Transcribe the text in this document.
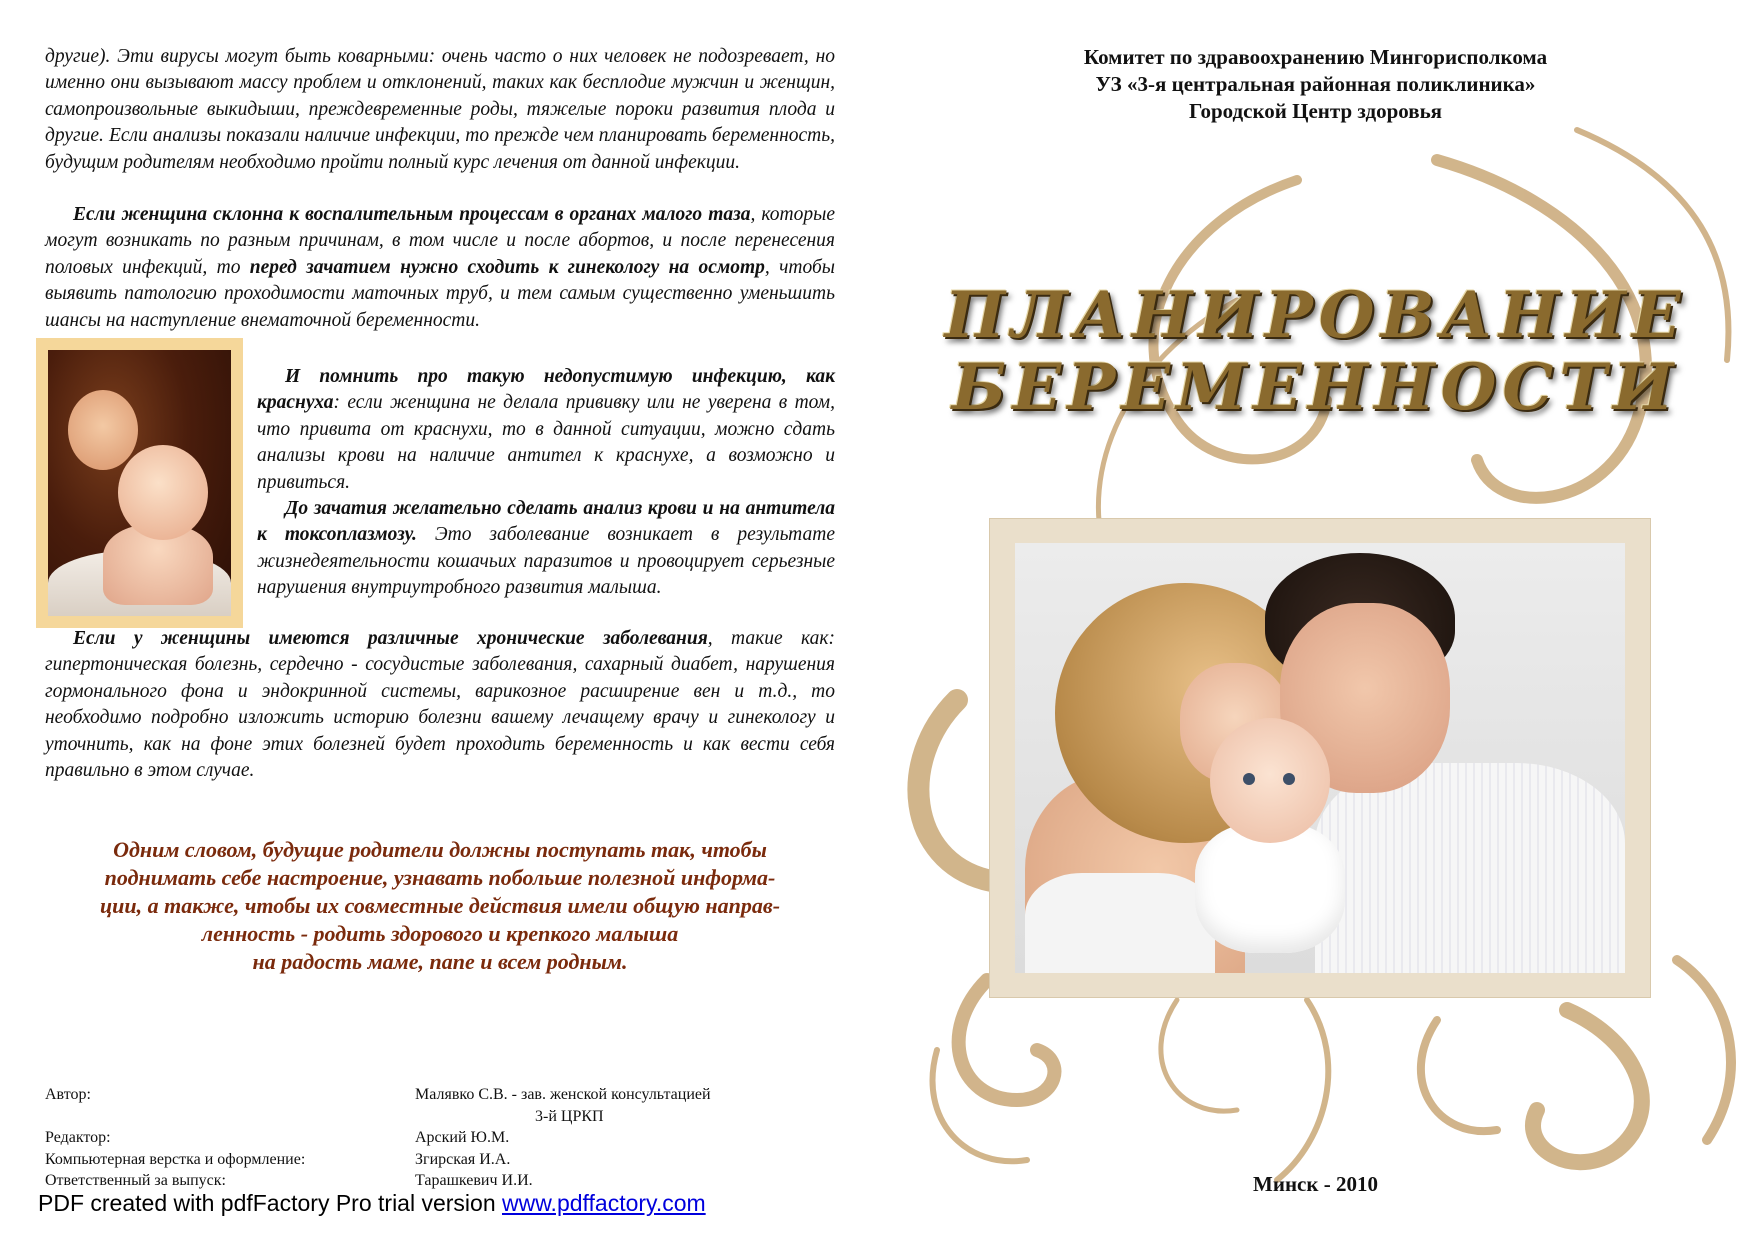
другие). Эти вирусы могут быть коварными: очень часто о них человек не подозревает, но именно они вызывают массу проблем и отклонений, таких как бесплодие мужчин и женщин, самопроизвольные выкидыши, преждевременные роды, тяжелые пороки развития плода и другие. Если анализы показали наличие инфекции, то прежде чем планировать беременность, будущим родителям необходимо пройти полный курс лечения от данной инфекции.

Если женщина склонна к воспалительным процессам в органах малого таза, которые могут возникать по разным причинам, в том числе и после абортов, и после перенесения половых инфекций, то перед зачатием нужно сходить к гинекологу на осмотр, чтобы выявить патологию проходимости маточных труб, и тем самым существенно уменьшить шансы на наступление внематочной беременности.

И помнить про такую недопустимую инфекцию, как краснуха: если женщина не делала прививку или не уверена в том, что привита от краснухи, то в данной ситуации, можно сдать анализы крови на наличие антител к краснухе, а возможно и привиться.

До зачатия желательно сделать анализ крови и на антитела к токсоплазмозу. Это заболевание возникает в результате жизнедеятельности кошачьих паразитов и провоцирует серьезные нарушения внутриутробного развития малыша.

Если у женщины имеются различные хронические заболевания, такие как: гипертоническая болезнь, сердечно - сосудистые заболевания, сахарный диабет, нарушения гормонального фона и эндокринной системы, варикозное расширение вен и т.д., то необходимо подробно изложить историю болезни вашему лечащему врачу и гинекологу и уточнить, как на фоне этих болезней будет проходить беременность и как вести себя правильно в этом случае.

Одним словом, будущие родители должны поступать так, чтобы
поднимать себе настроение, узнавать побольше полезной информа-
ции, а также, чтобы их совместные действия имели общую направ-
ленность - родить здорового и крепкого малыша
на радость маме, папе и всем родным.
Автор:	Малявко С.В. - зав. женской консультацией
3-й ЦРКП
Редактор:	Арский Ю.М.
Компьютерная верстка и оформление:	Згирская И.А.
Ответственный за выпуск:	Тарашкевич И.И.
PDF created with pdfFactory Pro trial version www.pdffactory.com
Комитет по здравоохранению Мингорисполкома
УЗ «3-я центральная районная поликлиника»
Городской Центр здоровья
ПЛАНИРОВАНИЕ
БЕРЕМЕННОСТИ
Минск - 2010
